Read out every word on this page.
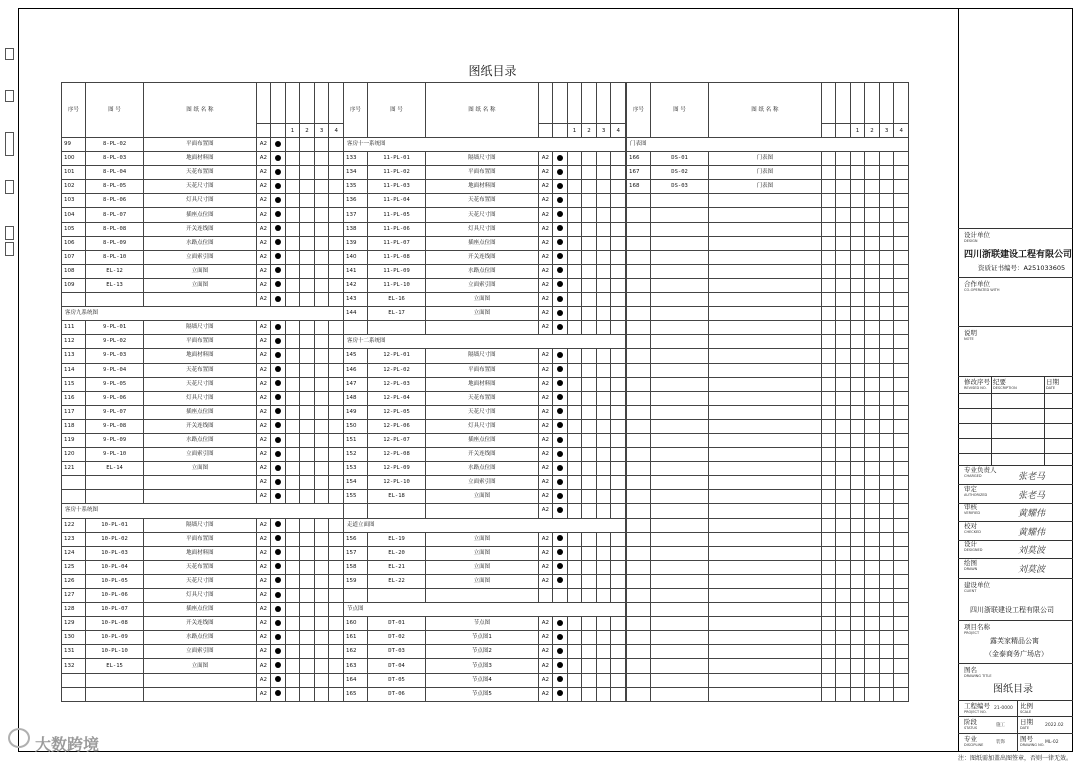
图纸目录
序号	图 号	图 纸 名 称						
					1	2	3	4
99	8-PL-02	平面布置图	A2					
100	8-PL-03	地面材料图	A2					
101	8-PL-04	天花布置图	A2					
102	8-PL-05	天花尺寸图	A2					
103	8-PL-06	灯具尺寸图	A2					
104	8-PL-07	插座点位图	A2					
105	8-PL-08	开关连线图	A2					
106	8-PL-09	水路点位图	A2					
107	8-PL-10	立面索引图	A2					
108	EL-12	立面图	A2					
109	EL-13	立面图	A2					
			A2					
客房九系统图								
111	9-PL-01	隔墙尺寸图	A2					
112	9-PL-02	平面布置图	A2					
113	9-PL-03	地面材料图	A2					
114	9-PL-04	天花布置图	A2					
115	9-PL-05	天花尺寸图	A2					
116	9-PL-06	灯具尺寸图	A2					
117	9-PL-07	插座点位图	A2					
118	9-PL-08	开关连线图	A2					
119	9-PL-09	水路点位图	A2					
120	9-PL-10	立面索引图	A2					
121	EL-14	立面图	A2					
			A2					
			A2					
客房十系统图								
122	10-PL-01	隔墙尺寸图	A2					
123	10-PL-02	平面布置图	A2					
124	10-PL-03	地面材料图	A2					
125	10-PL-04	天花布置图	A2					
126	10-PL-05	天花尺寸图	A2					
127	10-PL-06	灯具尺寸图	A2					
128	10-PL-07	插座点位图	A2					
129	10-PL-08	开关连线图	A2					
130	10-PL-09	水路点位图	A2					
131	10-PL-10	立面索引图	A2					
132	EL-15	立面图	A2					
			A2					
			A2					
序号	图 号	图 纸 名 称						
					1	2	3	4
客房十一系统图								
133	11-PL-01	隔墙尺寸图	A2					
134	11-PL-02	平面布置图	A2					
135	11-PL-03	地面材料图	A2					
136	11-PL-04	天花布置图	A2					
137	11-PL-05	天花尺寸图	A2					
138	11-PL-06	灯具尺寸图	A2					
139	11-PL-07	插座点位图	A2					
140	11-PL-08	开关连线图	A2					
141	11-PL-09	水路点位图	A2					
142	11-PL-10	立面索引图	A2					
143	EL-16	立面图	A2					
144	EL-17	立面图	A2					
			A2					
客房十二系统图								
145	12-PL-01	隔墙尺寸图	A2					
146	12-PL-02	平面布置图	A2					
147	12-PL-03	地面材料图	A2					
148	12-PL-04	天花布置图	A2					
149	12-PL-05	天花尺寸图	A2					
150	12-PL-06	灯具尺寸图	A2					
151	12-PL-07	插座点位图	A2					
152	12-PL-08	开关连线图	A2					
153	12-PL-09	水路点位图	A2					
154	12-PL-10	立面索引图	A2					
155	EL-18	立面图	A2					
			A2					
走道立面图								
156	EL-19	立面图	A2					
157	EL-20	立面图	A2					
158	EL-21	立面图	A2					
159	EL-22	立面图	A2					

节点图								
160	DT-01	节点图	A2					
161	DT-02	节点图1	A2					
162	DT-03	节点图2	A2					
163	DT-04	节点图3	A2					
164	DT-05	节点图4	A2					
165	DT-06	节点图5	A2					
序号	图 号	图 纸 名 称						
					1	2	3	4
门表图								
166	DS-01	门表图						
167	DS-02	门表图						
168	DS-03	门表图						

设计单位
DESIGN
四川浙联建设工程有限公司
资质证书编号：A251033605
合作单位
CO-OPERATED WITH
说明
NOTE
修改序号 纪要	日期
REVISED NO. DESCRIPTION	DATE
专业负责人
CHARGED	张老马
审定
AUTHORIZED	张老马
审核
VERIFIED	黄耀伟
校对
CHECKED	黄耀伟
设计
DESIGNED	刘莫波
绘图
DRAWN	刘莫波
建设单位
CLIENT
四川浙联建设工程有限公司
项目名称
PROJECT
露芙家精品公寓
（金泰商务广场店）
图名
DRAWING TITLE
图纸目录
工程编号
PROJECT NO.
21-0000 比例
SCALE
阶段
STATUS	施工 日期
DATE	2022.02
专业
DISCIPLINE	装饰 图号
DRAWING NO. ML-02
注：图纸需加盖出图签章，否则一律无效。
大数跨境
